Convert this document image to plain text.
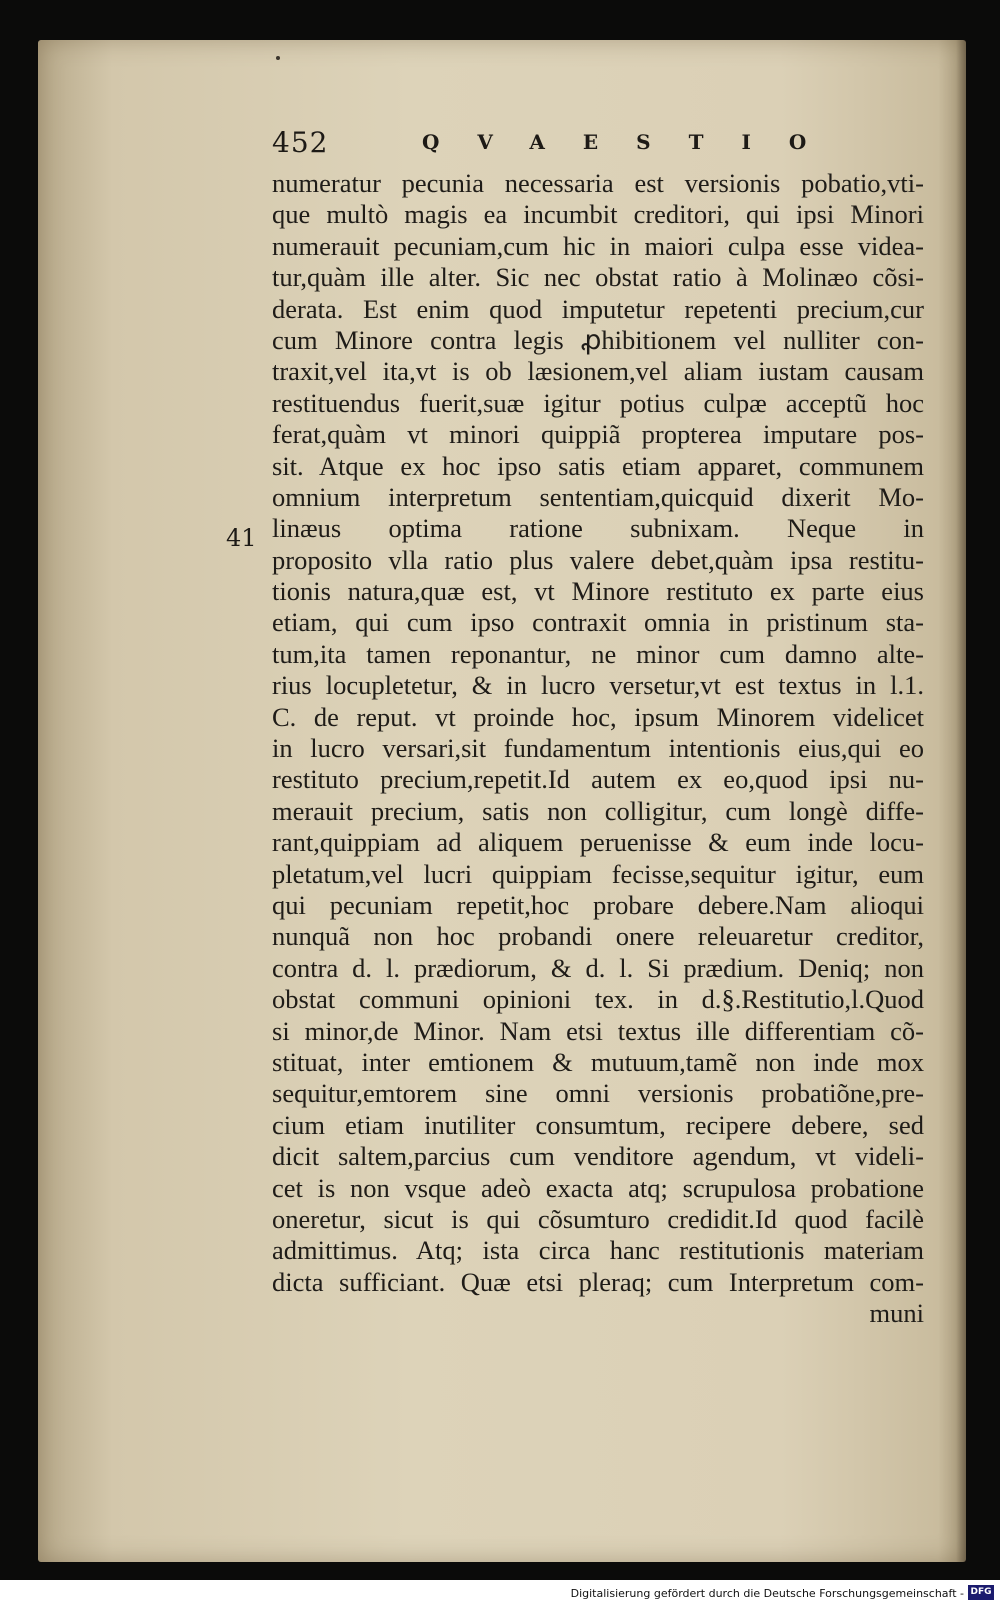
452	QVAESTIO
41
numeratur pecunia necessaria est versionis pobatio,vti-
que multò magis ea incumbit creditori, qui ipsi Minori
numerauit pecuniam,cum hic in maiori culpa esse videa-
tur,quàm ille alter. Sic nec obstat ratio à Molinæo cõsi-
derata. Est enim quod imputetur repetenti precium,cur
cum Minore contra legis ꝓhibitionem vel nulliter con-
traxit,vel ita,vt is ob læsionem,vel aliam iustam causam
restituendus fuerit,suæ igitur potius culpæ acceptũ hoc
ferat,quàm vt minori quippiã propterea imputare pos-
sit. Atque ex hoc ipso satis etiam apparet, communem
omnium interpretum sententiam,quicquid dixerit Mo-
linæus optima ratione subnixam. Neque in
proposito vlla ratio plus valere debet,quàm ipsa restitu-
tionis natura,quæ est, vt Minore restituto ex parte eius
etiam, qui cum ipso contraxit omnia in pristinum sta-
tum,ita tamen reponantur, ne minor cum damno alte-
rius locupletetur, & in lucro versetur,vt est textus in l.1.
C. de reput. vt proinde hoc, ipsum Minorem videlicet
in lucro versari,sit fundamentum intentionis eius,qui eo
restituto precium,repetit.Id autem ex eo,quod ipsi nu-
merauit precium, satis non colligitur, cum longè diffe-
rant,quippiam ad aliquem peruenisse & eum inde locu-
pletatum,vel lucri quippiam fecisse,sequitur igitur, eum
qui pecuniam repetit,hoc probare debere.Nam alioqui
nunquã non hoc probandi onere releuaretur creditor,
contra d. l. prædiorum, & d. l. Si prædium. Deniq; non
obstat communi opinioni tex. in d.§.Restitutio,l.Quod
si minor,de Minor. Nam etsi textus ille differentiam cõ-
stituat, inter emtionem & mutuum,tamẽ non inde mox
sequitur,emtorem sine omni versionis probatiõne,pre-
cium etiam inutiliter consumtum, recipere debere, sed
dicit saltem,parcius cum venditore agendum, vt videli-
cet is non vsque adeò exacta atq; scrupulosa probatione
oneretur, sicut is qui cõsumturo credidit.Id quod facilè
admittimus. Atq; ista circa hanc restitutionis materiam
dicta sufficiant. Quæ etsi pleraq; cum Interpretum com-
muni
Digitalisierung gefördert durch die Deutsche Forschungsgemeinschaft - DFG
